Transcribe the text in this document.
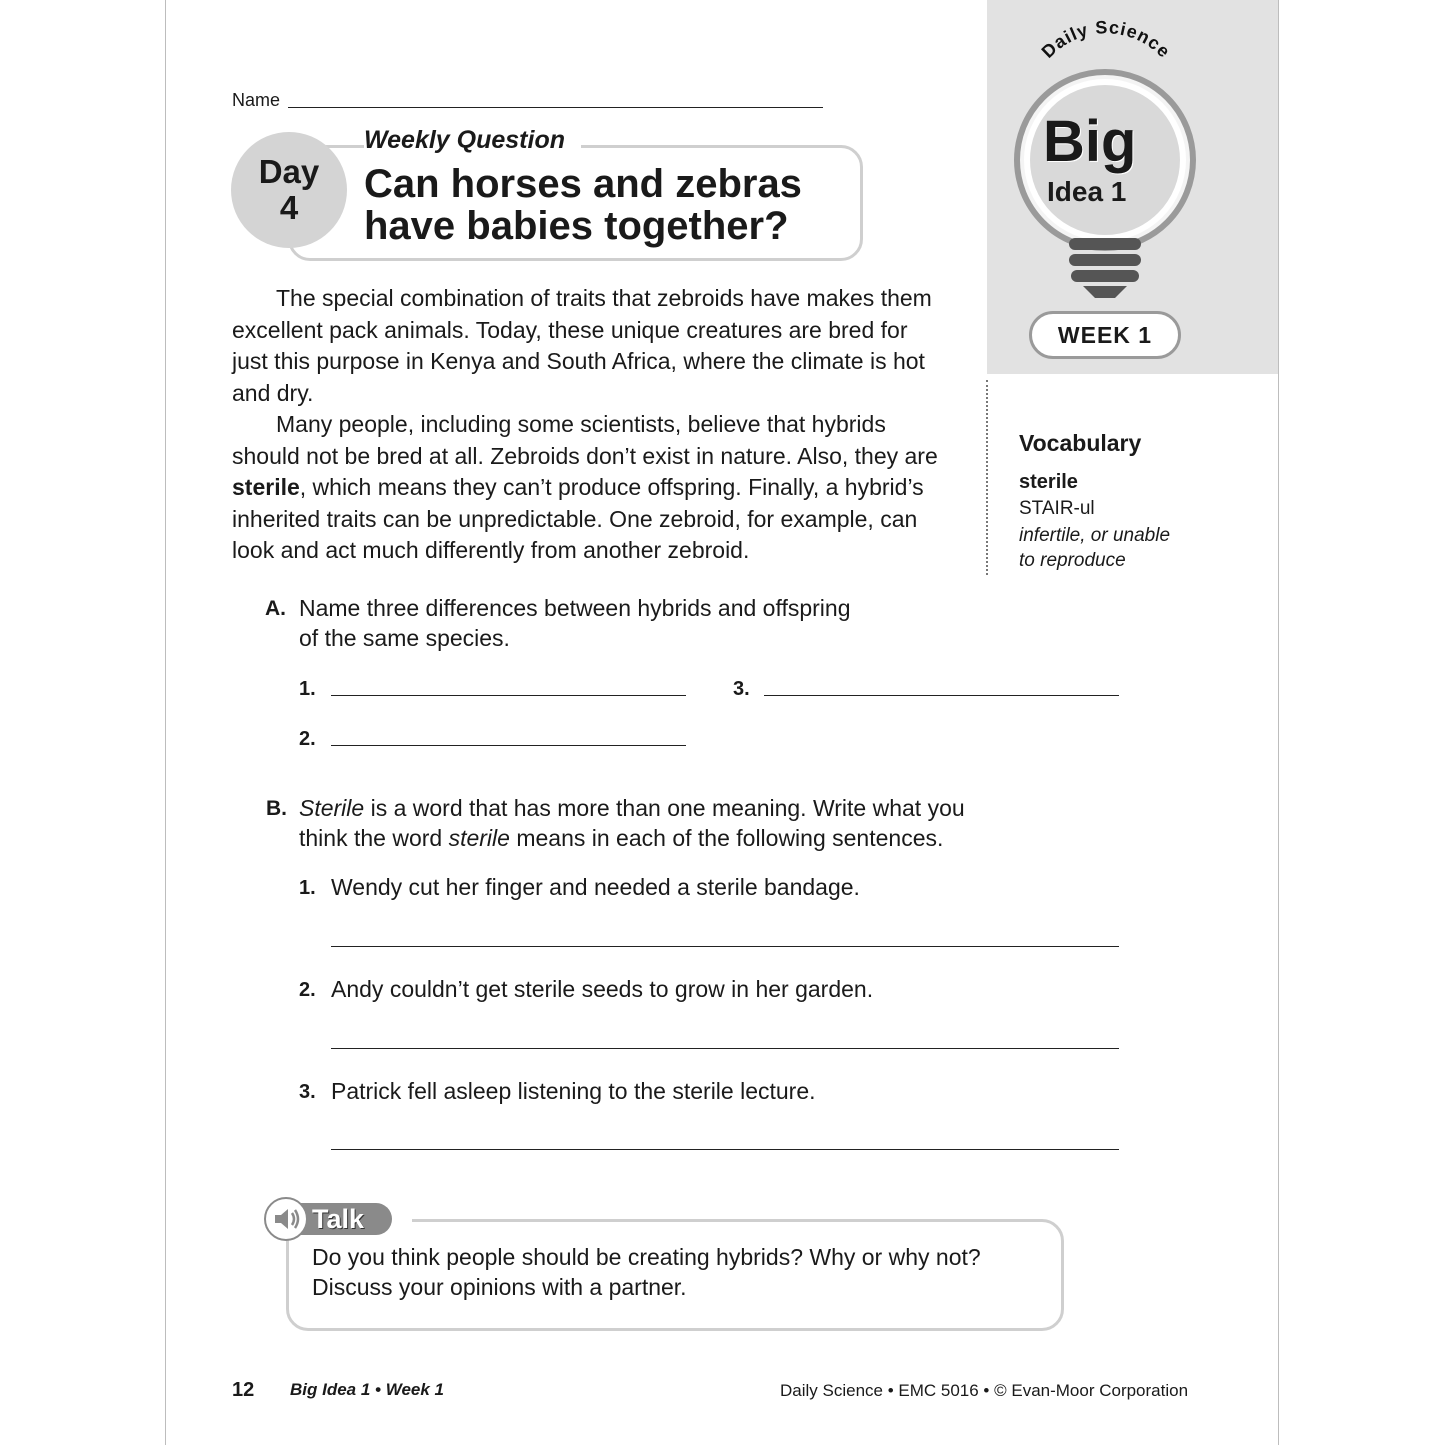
Name
Weekly Question
Day
4
Can horses and zebras
have babies together?
Daily Science
Big
Idea 1
WEEK 1
Vocabulary
sterile
STAIR-ul
infertile, or unable
to reproduce

The special combination of traits that zebroids have makes them excellent pack animals. Today, these unique creatures are bred for just this purpose in Kenya and South Africa, where the climate is hot and dry.

Many people, including some scientists, believe that hybrids should not be bred at all. Zebroids don’t exist in nature. Also, they are sterile, which means they can’t produce offspring. Finally, a hybrid’s inherited traits can be unpredictable. One zebroid, for example, can look and act much differently from another zebroid.

A. Name three differences between hybrids and offspring
of the same species.
1.	3.
2.
B. Sterile is a word that has more than one meaning. Write what you
think the word sterile means in each of the following sentences.
1. Wendy cut her finger and needed a sterile bandage.
2. Andy couldn’t get sterile seeds to grow in her garden.
3. Patrick fell asleep listening to the sterile lecture.
Talk
Do you think people should be creating hybrids? Why or why not?
Discuss your opinions with a partner.
12 Big Idea 1 • Week 1	Daily Science • EMC 5016 • © Evan-Moor Corporation
